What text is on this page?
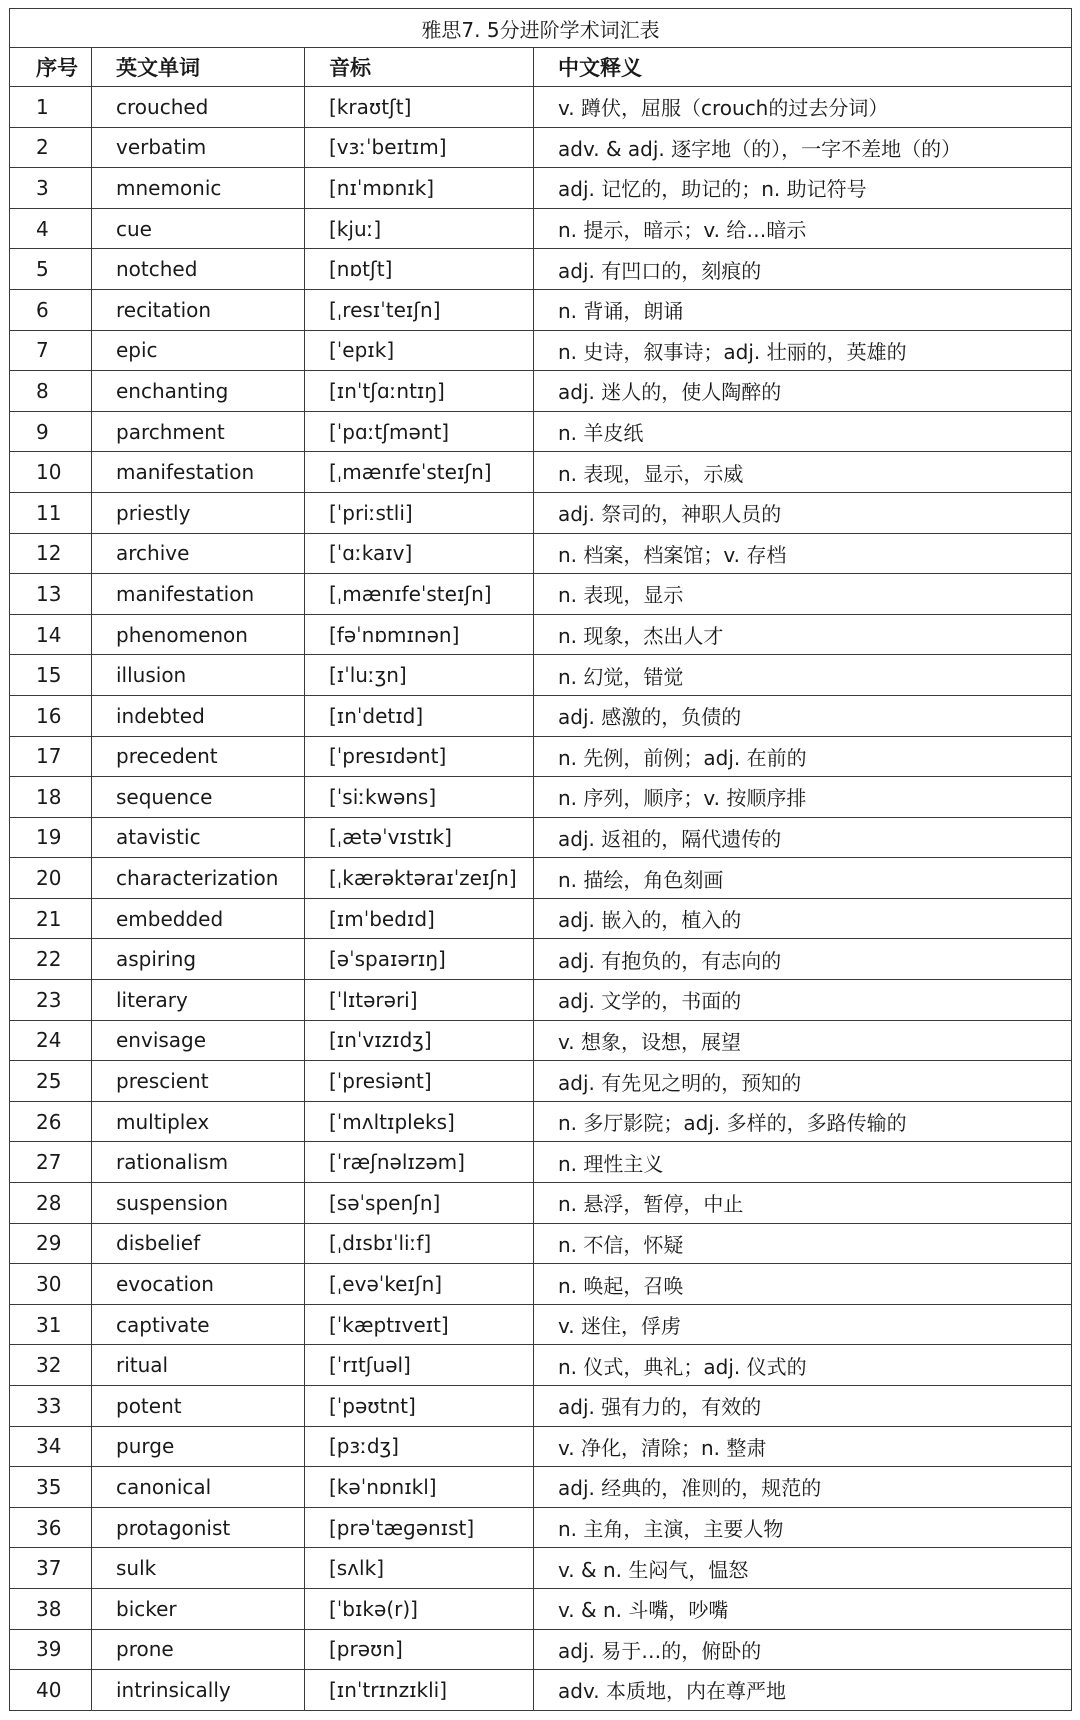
雅思7. 5分进阶学术词汇表			
序号	英文单词	音标	中文释义
1	crouched	[kraʊtʃt]	v. 蹲伏，屈服（crouch的过去分词）
2	verbatim	[vɜːˈbeɪtɪm]	adv. & adj. 逐字地（的），一字不差地（的）
3	mnemonic	[nɪˈmɒnɪk]	adj. 记忆的，助记的；n. 助记符号
4	cue	[kjuː]	n. 提示，暗示；v. 给…暗示
5	notched	[nɒtʃt]	adj. 有凹口的，刻痕的
6	recitation	[ˌresɪˈteɪʃn]	n. 背诵，朗诵
7	epic	[ˈepɪk]	n. 史诗，叙事诗；adj. 壮丽的，英雄的
8	enchanting	[ɪnˈtʃɑːntɪŋ]	adj. 迷人的，使人陶醉的
9	parchment	[ˈpɑːtʃmənt]	n. 羊皮纸
10	manifestation	[ˌmænɪfeˈsteɪʃn]	n. 表现，显示，示威
11	priestly	[ˈpriːstli]	adj. 祭司的，神职人员的
12	archive	[ˈɑːkaɪv]	n. 档案，档案馆；v. 存档
13	manifestation	[ˌmænɪfeˈsteɪʃn]	n. 表现，显示
14	phenomenon	[fəˈnɒmɪnən]	n. 现象，杰出人才
15	illusion	[ɪˈluːʒn]	n. 幻觉，错觉
16	indebted	[ɪnˈdetɪd]	adj. 感激的，负债的
17	precedent	[ˈpresɪdənt]	n. 先例，前例；adj. 在前的
18	sequence	[ˈsiːkwəns]	n. 序列，顺序；v. 按顺序排
19	atavistic	[ˌætəˈvɪstɪk]	adj. 返祖的，隔代遗传的
20	characterization	[ˌkærəktəraɪˈzeɪʃn]	n. 描绘，角色刻画
21	embedded	[ɪmˈbedɪd]	adj. 嵌入的，植入的
22	aspiring	[əˈspaɪərɪŋ]	adj. 有抱负的，有志向的
23	literary	[ˈlɪtərəri]	adj. 文学的，书面的
24	envisage	[ɪnˈvɪzɪdʒ]	v. 想象，设想，展望
25	prescient	[ˈpresiənt]	adj. 有先见之明的，预知的
26	multiplex	[ˈmʌltɪpleks]	n. 多厅影院；adj. 多样的，多路传输的
27	rationalism	[ˈræʃnəlɪzəm]	n. 理性主义
28	suspension	[səˈspenʃn]	n. 悬浮，暂停，中止
29	disbelief	[ˌdɪsbɪˈliːf]	n. 不信，怀疑
30	evocation	[ˌevəˈkeɪʃn]	n. 唤起，召唤
31	captivate	[ˈkæptɪveɪt]	v. 迷住，俘虏
32	ritual	[ˈrɪtʃuəl]	n. 仪式，典礼；adj. 仪式的
33	potent	[ˈpəʊtnt]	adj. 强有力的，有效的
34	purge	[pɜːdʒ]	v. 净化，清除；n. 整肃
35	canonical	[kəˈnɒnɪkl]	adj. 经典的，准则的，规范的
36	protagonist	[prəˈtæɡənɪst]	n. 主角，主演，主要人物
37	sulk	[sʌlk]	v. & n. 生闷气，愠怒
38	bicker	[ˈbɪkə(r)]	v. & n. 斗嘴，吵嘴
39	prone	[prəʊn]	adj. 易于…的，俯卧的
40	intrinsically	[ɪnˈtrɪnzɪkli]	adv. 本质地，内在尊严地
